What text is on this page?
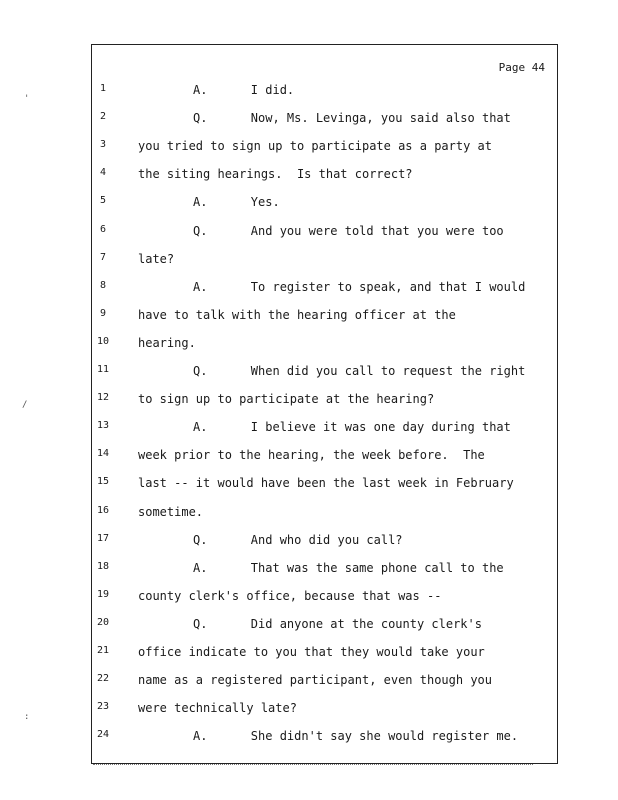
Page 44
1	A.      I did.
2	Q.      Now, Ms. Levinga, you said also that
3	you tried to sign up to participate as a party at
4	the siting hearings.  Is that correct?
5	A.      Yes.
6	Q.      And you were told that you were too
7	late?
8	A.      To register to speak, and that I would
9	have to talk with the hearing officer at the
10	hearing.
11	Q.      When did you call to request the right
12	to sign up to participate at the hearing?
13	A.      I believe it was one day during that
14	week prior to the hearing, the week before.  The
15	last -- it would have been the last week in February
16	sometime.
17	Q.      And who did you call?
18	A.      That was the same phone call to the
19	county clerk's office, because that was --
20	Q.      Did anyone at the county clerk's
21	office indicate to you that they would take your
22	name as a registered participant, even though you
23	were technically late?
24	A.      She didn't say she would register me.
'
/
:
